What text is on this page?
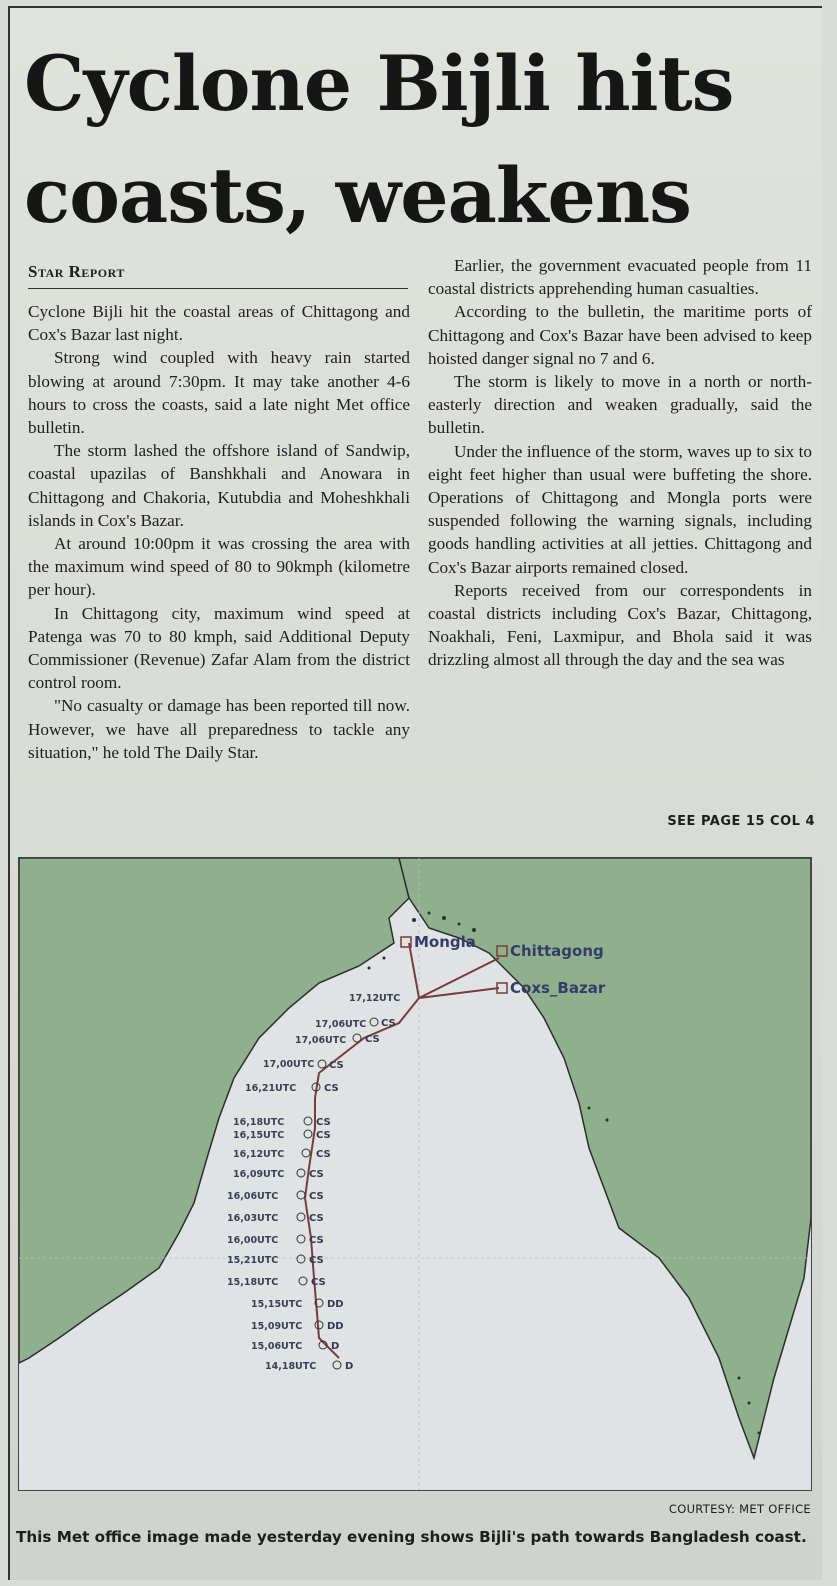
Cyclone Bijli hits
coasts, weakens
Star Report

Cyclone Bijli hit the coastal areas of Chittagong and Cox's Bazar last night.

Strong wind coupled with heavy rain started blowing at around 7:30pm. It may take another 4-6 hours to cross the coasts, said a late night Met office bulletin.

The storm lashed the offshore island of Sandwip, coastal upazilas of Banshkhali and Anowara in Chittagong and Chakoria, Kutubdia and Moheshkhali islands in Cox's Bazar.

At around 10:00pm it was crossing the area with the maximum wind speed of 80 to 90kmph (kilometre per hour).

In Chittagong city, maximum wind speed at Patenga was 70 to 80 kmph, said Additional Deputy Commissioner (Revenue) Zafar Alam from the district control room.

"No casualty or damage has been reported till now. However, we have all preparedness to tackle any situation," he told The Daily Star.

Earlier, the government evacuated people from 11 coastal districts apprehending human casualties.

According to the bulletin, the maritime ports of Chittagong and Cox's Bazar have been advised to keep hoisted danger signal no 7 and 6.

The storm is likely to move in a north or north-easterly direction and weaken gradually, said the bulletin.

Under the influence of the storm, waves up to six to eight feet higher than usual were buffeting the shore. Operations of Chittagong and Mongla ports were suspended following the warning signals, including goods handling activities at all jetties. Chittagong and Cox's Bazar airports remained closed.

Reports received from our correspondents in coastal districts including Cox's Bazar, Chittagong, Noakhali, Feni, Laxmipur, and Bhola said it was drizzling almost all through the day and the sea was

SEE PAGE 15 COL 4
Mongla Chittagong
Coxs_Bazar
17,12UTC
17,06UTC CS
17,06UTC CS
17,00UTC CS
16,21UTC	CS
16,18UTC	CS
16,15UTC	CS
16,12UTC	CS
16,09UTC CS
16,06UTC	CS
16,03UTC	CS
16,00UTC	CS
15,21UTC	CS
15,18UTC	CS
15,15UTC DD
15,09UTC DD
15,06UTC	D
14,18UTC	D
COURTESY: MET OFFICE
This Met office image made yesterday evening shows Bijli's path towards Bangladesh coast.
